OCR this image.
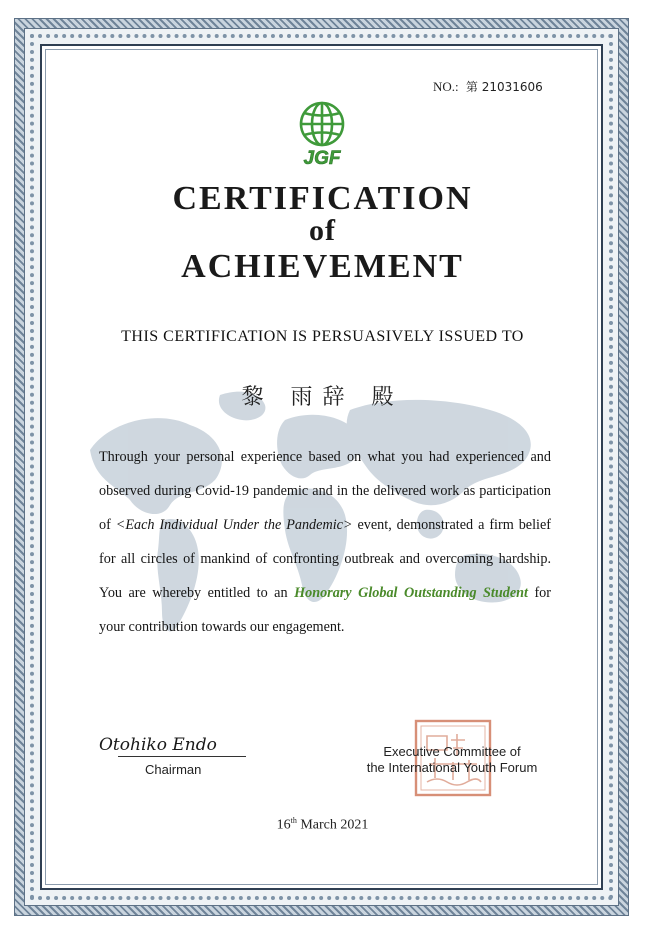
NO.: 第 21031606
JGF
CERTIFICATION
of
ACHIEVEMENT
THIS CERTIFICATION IS PERSUASIVELY ISSUED TO
黎 雨辞 殿
Through your personal experience based on what you had experienced and observed during Covid-19 pandemic and in the delivered work as participation of <Each Individual Under the Pandemic> event, demonstrated a firm belief for all circles of mankind of confronting outbreak and overcoming hardship. You are whereby entitled to an Honorary Global Outstanding Student for your contribution towards our engagement.
Otohiko Endo
Chairman
Executive Committee of
the International Youth Forum
16th March 2021
